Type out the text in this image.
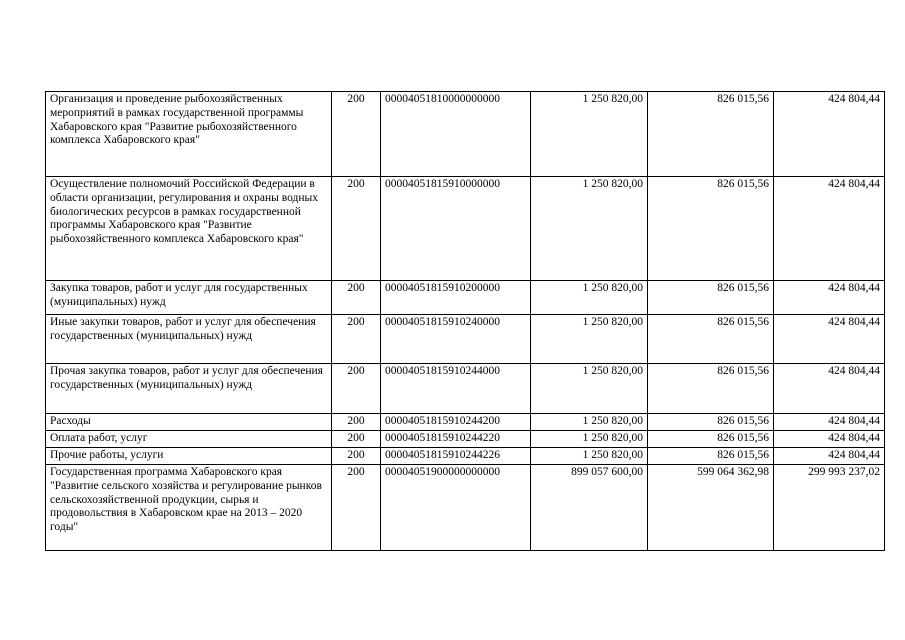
Организация и проведение рыбохозяйственных мероприятий в рамках государственной программы Хабаровского края "Развитие рыбохозяйственного комплекса Хабаровского края"	200	00004051810000000000	1 250 820,00	826 015,56	424 804,44
Осуществление полномочий Российской Федерации в области организации, регулирования и охраны водных биологических ресурсов в рамках государственной программы Хабаровского края "Развитие рыбохозяйственного комплекса Хабаровского края"	200	00004051815910000000	1 250 820,00	826 015,56	424 804,44
Закупка товаров, работ и услуг для государственных (муниципальных) нужд	200	00004051815910200000	1 250 820,00	826 015,56	424 804,44
Иные закупки товаров, работ и услуг для обеспечения государственных (муниципальных) нужд	200	00004051815910240000	1 250 820,00	826 015,56	424 804,44
Прочая закупка товаров, работ и услуг для обеспечения государственных (муниципальных) нужд	200	00004051815910244000	1 250 820,00	826 015,56	424 804,44
Расходы	200	00004051815910244200	1 250 820,00	826 015,56	424 804,44
Оплата работ, услуг	200	00004051815910244220	1 250 820,00	826 015,56	424 804,44
Прочие работы, услуги	200	00004051815910244226	1 250 820,00	826 015,56	424 804,44
Государственная программа Хабаровского края "Развитие сельского хозяйства и регулирование рынков сельскохозяйственной продукции, сырья и продовольствия в Хабаровском крае на 2013 – 2020 годы"	200	00004051900000000000	899 057 600,00	599 064 362,98	299 993 237,02
